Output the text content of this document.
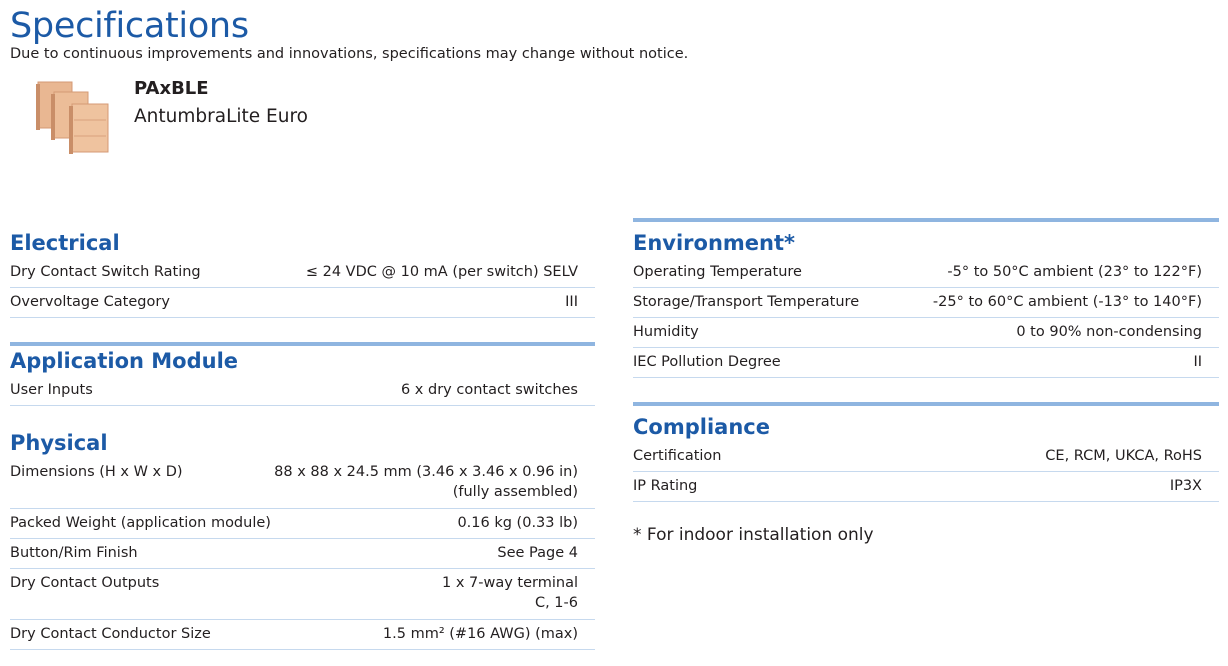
Specifications
Due to continuous improvements and innovations, specifications may change without notice.
PAxBLE
AntumbraLite Euro
Electrical
Dry Contact Switch Rating	≤ 24 VDC @ 10 mA (per switch) SELV
Overvoltage Category	III
Application Module
User Inputs	6 x dry contact switches
Physical
Dimensions (H x W x D)	88 x 88 x 24.5 mm (3.46 x 3.46 x 0.96 in)
(fully assembled)
Packed Weight (application module)	0.16 kg (0.33 lb)
Button/Rim Finish	See Page 4
Dry Contact Outputs	1 x 7-way terminal
C, 1-6
Dry Contact Conductor Size	1.5 mm² (#16 AWG) (max)
Environment*
Operating Temperature	-5° to 50°C ambient (23° to 122°F)
Storage/Transport Temperature	-25° to 60°C ambient (-13° to 140°F)
Humidity	0 to 90% non-condensing
IEC Pollution Degree	II
Compliance
Certification	CE, RCM, UKCA, RoHS
IP Rating	IP3X
* For indoor installation only
